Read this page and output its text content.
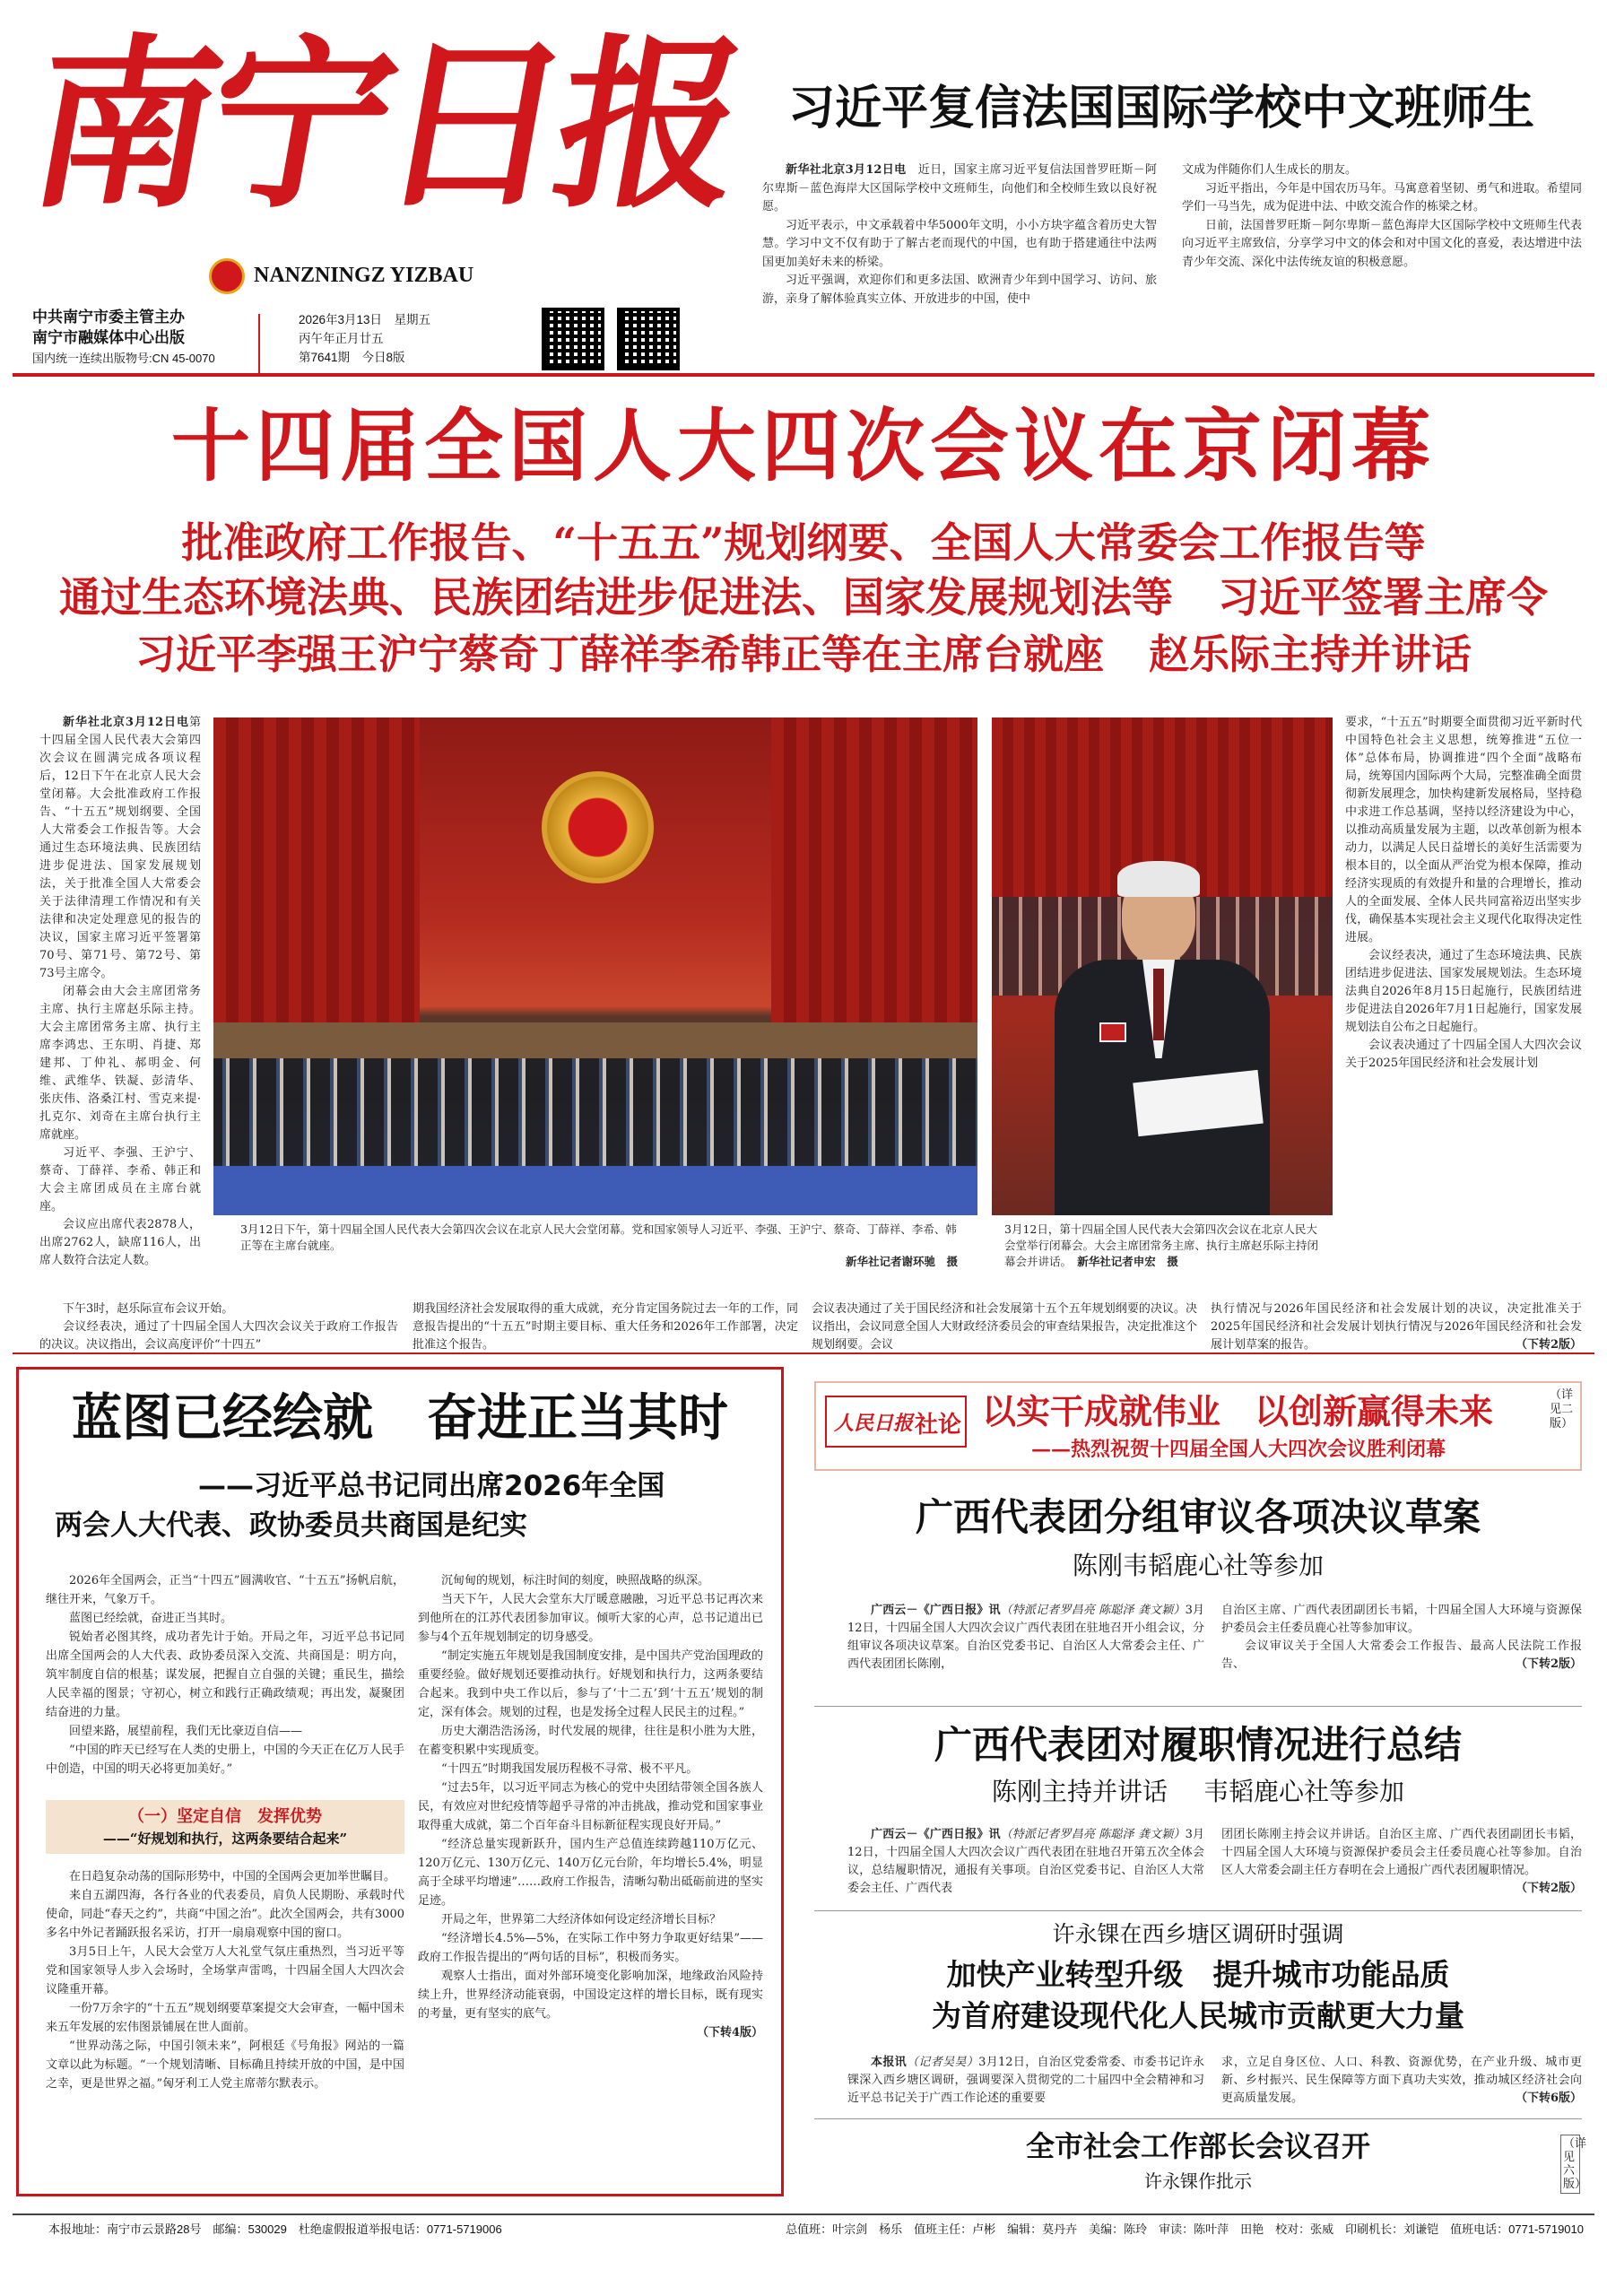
南宁日报
NANZNINGZ YIZBAU
中共南宁市委主管主办
南宁市融媒体中心出版
国内统一连续出版物号:CN 45-0070
2026年3月13日　 星期五
丙午年正月廿五
第7641期　 今日8版
习近平复信法国国际学校中文班师生

新华社北京3月12日电　 近日，国家主席习近平复信法国普罗旺斯－阿尔卑斯－蓝色海岸大区国际学校中文班师生，向他们和全校师生致以良好祝愿。

习近平表示，中文承载着中华5000年文明，小小方块字蕴含着历史大智慧。学习中文不仅有助于了解古老而现代的中国，也有助于搭建通往中法两国更加美好未来的桥梁。

习近平强调，欢迎你们和更多法国、欧洲青少年到中国学习、访问、旅游，亲身了解体验真实立体、开放进步的中国，使中

文成为伴随你们人生成长的朋友。

习近平指出，今年是中国农历马年。马寓意着坚韧、勇气和进取。希望同学们一马当先，成为促进中法、中欧交流合作的栋梁之材。

日前，法国普罗旺斯－阿尔卑斯－蓝色海岸大区国际学校中文班师生代表向习近平主席致信，分享学习中文的体会和对中国文化的喜爱，表达增进中法青少年交流、深化中法传统友谊的积极意愿。

十四届全国人大四次会议在京闭幕
批准政府工作报告、“十五五”规划纲要、全国人大常委会工作报告等
通过生态环境法典、民族团结进步促进法、国家发展规划法等 习近平签署主席令
习近平李强王沪宁蔡奇丁薛祥李希韩正等在主席台就座 赵乐际主持并讲话

新华社北京3月12日电第十四届全国人民代表大会第四次会议在圆满完成各项议程后，12日下午在北京人民大会堂闭幕。大会批准政府工作报告、“十五五”规划纲要、全国人大常委会工作报告等。大会通过生态环境法典、民族团结进步促进法、国家发展规划法，关于批准全国人大常委会关于法律清理工作情况和有关法律和决定处理意见的报告的决议，国家主席习近平签署第70号、第71号、第72号、第73号主席令。

闭幕会由大会主席团常务主席、执行主席赵乐际主持。大会主席团常务主席、执行主席李鸿忠、王东明、肖捷、郑建邦、丁仲礼、郝明金、何维、武维华、铁凝、彭清华、张庆伟、洛桑江村、雪克来提·扎克尔、刘奇在主席台执行主席就座。

习近平、李强、王沪宁、蔡奇、丁薛祥、李希、韩正和大会主席团成员在主席台就座。

会议应出席代表2878人，出席2762人，缺席116人，出席人数符合法定人数。

下午3时，赵乐际宣布会议开始。

会议经表决，通过了十四届全国人大四次会议关于政府工作报告的决议。决议指出，会议高度评价“十四五”

期我国经济社会发展取得的重大成就，充分肯定国务院过去一年的工作，同意报告提出的“十五五”时期主要目标、重大任务和2026年工作部署，决定批准这个报告。
会议表决通过了关于国民经济和社会发展第十五个五年规划纲要的决议。决议指出，会议同意全国人大财政经济委员会的审查结果报告，决定批准这个规划纲要。会议
3月12日下午，第十四届全国人民代表大会第四次会议在北京人民大会堂闭幕。党和国家领导人习近平、李强、王沪宁、蔡奇、丁薛祥、李希、韩正等在主席台就座。

新华社记者谢环驰　摄
3月12日，第十四届全国人民代表大会第四次会议在北京人民大会堂举行闭幕会。大会主席团常务主席、执行主席赵乐际主持闭幕会并讲话。　 新华社记者申宏　摄
要求，“十五五”时期要全面贯彻习近平新时代中国特色社会主义思想，统筹推进“五位一体”总体布局，协调推进“四个全面”战略布局，统筹国内国际两个大局，完整准确全面贯彻新发展理念，加快构建新发展格局，坚持稳中求进工作总基调，坚持以经济建设为中心，以推动高质量发展为主题，以改革创新为根本动力，以满足人民日益增长的美好生活需要为根本目的，以全面从严治党为根本保障，推动经济实现质的有效提升和量的合理增长，推动人的全面发展、全体人民共同富裕迈出坚实步伐，确保基本实现社会主义现代化取得决定性进展。

会议经表决，通过了生态环境法典、民族团结进步促进法、国家发展规划法。生态环境法典自2026年8月15日起施行，民族团结进步促进法自2026年7月1日起施行，国家发展规划法自公布之日起施行。

会议表决通过了十四届全国人大四次会议关于2025年国民经济和社会发展计划

执行情况与2026年国民经济和社会发展计划的决议，决定批准关于2025年国民经济和社会发展计划执行情况与2026年国民经济和社会发展计划草案的报告。	（下转2版）
蓝图已经绘就 奋进正当其时
——习近平总书记同出席2026年全国
两会人大代表、政协委员共商国是纪实

2026年全国两会，正当“十四五”圆满收官、“十五五”扬帆启航，继往开来，气象万千。

蓝图已经绘就，奋进正当其时。

锐始者必图其终，成功者先计于始。开局之年，习近平总书记同出席全国两会的人大代表、政协委员深入交流、共商国是：明方向，筑牢制度自信的根基；谋发展，把握自立自强的关键；重民生，描绘人民幸福的图景；守初心，树立和践行正确政绩观；再出发，凝聚团结奋进的力量。

回望来路，展望前程，我们无比豪迈自信——

“中国的昨天已经写在人类的史册上，中国的今天正在亿万人民手中创造，中国的明天必将更加美好。”

（一）坚定自信　发挥优势
——“好规划和执行，这两条要结合起来”

在日趋复杂动荡的国际形势中，中国的全国两会更加举世瞩目。

来自五湖四海，各行各业的代表委员，肩负人民期盼、承载时代使命，同赴“春天之约”，共商“中国之治”。此次全国两会，共有3000多名中外记者踊跃报名采访，打开一扇扇观察中国的窗口。

3月5日上午，人民大会堂万人大礼堂气氛庄重热烈，当习近平等党和国家领导人步入会场时，全场掌声雷鸣，十四届全国人大四次会议隆重开幕。

一份7万余字的“十五五”规划纲要草案提交大会审查，一幅中国未来五年发展的宏伟图景铺展在世人面前。

“世界动荡之际，中国引领未来”，阿根廷《号角报》网站的一篇文章以此为标题。“一个规划清晰、目标确且持续开放的中国，是中国之幸，更是世界之福。”匈牙利工人党主席蒂尔默表示。

沉甸甸的规划，标注时间的刻度，映照战略的纵深。

当天下午，人民大会堂东大厅暖意融融，习近平总书记再次来到他所在的江苏代表团参加审议。倾听大家的心声，总书记道出已参与4个五年规划制定的切身感受。

“制定实施五年规划是我国制度安排，是中国共产党治国理政的重要经验。做好规划还要推动执行。好规划和执行力，这两条要结合起来。我到中央工作以后，参与了‘十二五’到‘十五五’规划的制定，深有体会。规划的过程，也是发扬全过程人民民主的过程。”

历史大潮浩浩汤汤，时代发展的规律，往往是积小胜为大胜，在蓄变积累中实现质变。

“十四五”时期我国发展历程极不寻常、极不平凡。

“过去5年，以习近平同志为核心的党中央团结带领全国各族人民，有效应对世纪疫情等超乎寻常的冲击挑战，推动党和国家事业取得重大成就，第二个百年奋斗目标新征程实现良好开局。”

“经济总量实现新跃升，国内生产总值连续跨越110万亿元、120万亿元、130万亿元、140万亿元台阶，年均增长5.4%，明显高于全球平均增速”……政府工作报告，清晰勾勒出砥砺前进的坚实足迹。

开局之年，世界第二大经济体如何设定经济增长目标？

“经济增长4.5%—5%，在实际工作中努力争取更好结果”——政府工作报告提出的“两句话的目标”，积极而务实。

观察人士指出，面对外部环境变化影响加深，地缘政治风险持续上升，世界经济动能衰弱，中国设定这样的增长目标，既有现实的考量，更有坚实的底气。

（下转4版）
人民日报 社论 以实干成就伟业　以创新赢得未来
——热烈祝贺十四届全国人大四次会议胜利闭幕
（详见二版）
广西代表团分组审议各项决议草案
陈刚韦韬鹿心社等参加

广西云－《广西日报》讯（特派记者罗昌亮 陈聪泽 龚文颖）3月12日，十四届全国人大四次会议广西代表团在驻地召开小组会议，分组审议各项决议草案。自治区党委书记、自治区人大常委会主任、广西代表团团长陈刚，

自治区主席、广西代表团副团长韦韬，十四届全国人大环境与资源保护委员会主任委员鹿心社等参加审议。

会议审议关于全国人大常委会工作报告、最高人民法院工作报告、	（下转2版）

广西代表团对履职情况进行总结
陈刚主持并讲话 韦韬鹿心社等参加

广西云－《广西日报》讯（特派记者罗昌亮 陈聪泽 龚文颖）3月12日，十四届全国人大四次会议广西代表团在驻地召开第五次全体会议，总结履职情况，通报有关事项。自治区党委书记、自治区人大常委会主任、广西代表

团团长陈刚主持会议并讲话。自治区主席、广西代表团副团长韦韬，十四届全国人大环境与资源保护委员会主任委员鹿心社等参加。自治区人大常委会副主任方春明在会上通报广西代表团履职情况。
（下转2版）
许永锞在西乡塘区调研时强调
加快产业转型升级　提升城市功能品质
为首府建设现代化人民城市贡献更大力量

本报讯（记者吴昊）3月12日，自治区党委常委、市委书记许永锞深入西乡塘区调研，强调要深入贯彻党的二十届四中全会精神和习近平总书记关于广西工作论述的重要要

求，立足自身区位、人口、科教、资源优势，在产业升级、城市更新、乡村振兴、民生保障等方面下真功夫实效，推动城区经济社会向更高质量发展。	（下转6版）
全市社会工作部长会议召开
许永锞作批示
（详见六版）
本报地址：南宁市云景路28号　邮编：530029　杜绝虚假报道举报电话：0771-5719006	总值班：叶宗剑　杨乐　值班主任：卢彬　编辑：莫丹卉　美编：陈玲　审读：陈叶萍　田艳　校对：张威　印刷机长：刘谦铠　值班电话：0771-5719010
